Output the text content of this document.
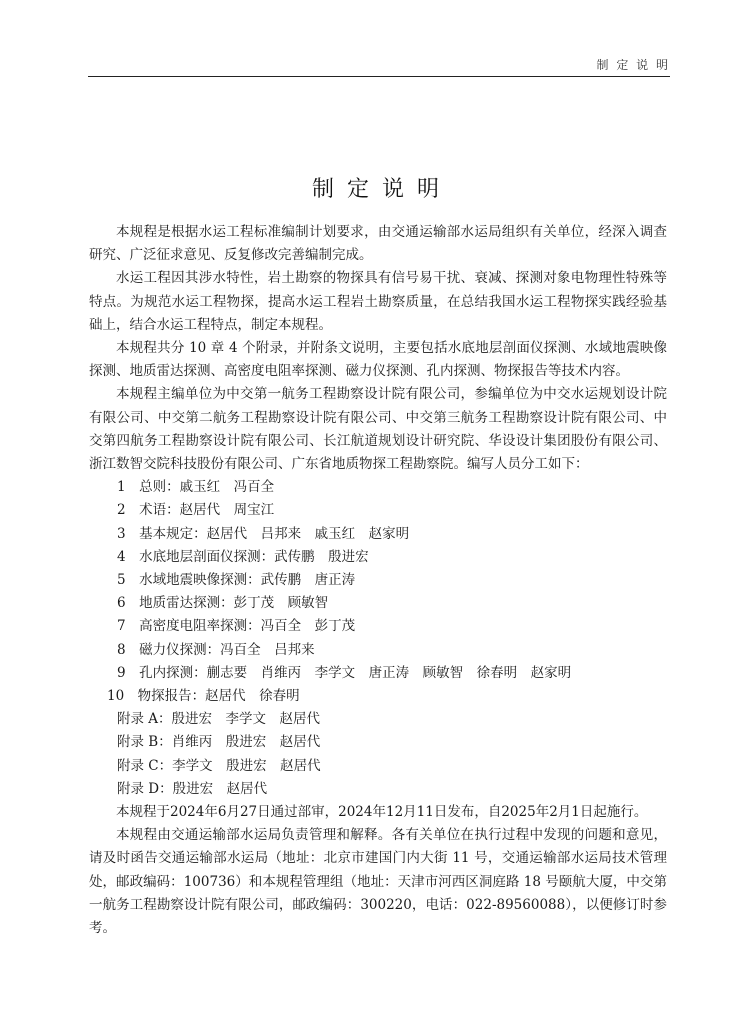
制 定 说 明
制 定 说 明

本规程是根据水运工程标准编制计划要求，由交通运输部水运局组织有关单位，经深入调查研究、广泛征求意见、反复修改完善编制完成。

水运工程因其涉水特性，岩土勘察的物探具有信号易干扰、衰减、探测对象电物理性特殊等特点。为规范水运工程物探，提高水运工程岩土勘察质量，在总结我国水运工程物探实践经验基础上，结合水运工程特点，制定本规程。

本规程共分 10 章 4 个附录，并附条文说明，主要包括水底地层剖面仪探测、水域地震映像探测、地质雷达探测、高密度电阻率探测、磁力仪探测、孔内探测、物探报告等技术内容。

本规程主编单位为中交第一航务工程勘察设计院有限公司，参编单位为中交水运规划设计院有限公司、中交第二航务工程勘察设计院有限公司、中交第三航务工程勘察设计院有限公司、中交第四航务工程勘察设计院有限公司、长江航道规划设计研究院、华设设计集团股份有限公司、浙江数智交院科技股份有限公司、广东省地质物探工程勘察院。编写人员分工如下：

1　总则：戚玉红　冯百全
2　术语：赵居代　周宝江
3　基本规定：赵居代　吕邦来　戚玉红　赵家明
4　水底地层剖面仪探测：武传鹏　殷进宏
5　水域地震映像探测：武传鹏　唐正涛
6　地质雷达探测：彭丁茂　顾敏智
7　高密度电阻率探测：冯百全　彭丁茂
8　磁力仪探测：冯百全　吕邦来
9　孔内探测：蒯志要　肖维丙　李学文　唐正涛　顾敏智　徐春明　赵家明
10　物探报告：赵居代　徐春明
附录 A：殷进宏　李学文　赵居代
附录 B：肖维丙　殷进宏　赵居代
附录 C：李学文　殷进宏　赵居代
附录 D：殷进宏　赵居代

本规程于2024年6月27日通过部审，2024年12月11日发布，自2025年2月1日起施行。

本规程由交通运输部水运局负责管理和解释。各有关单位在执行过程中发现的问题和意见，请及时函告交通运输部水运局（地址：北京市建国门内大街 11 号，交通运输部水运局技术管理处，邮政编码：100736）和本规程管理组（地址：天津市河西区洞庭路 18 号颐航大厦，中交第一航务工程勘察设计院有限公司，邮政编码：300220，电话：022-89560088），以便修订时参考。
